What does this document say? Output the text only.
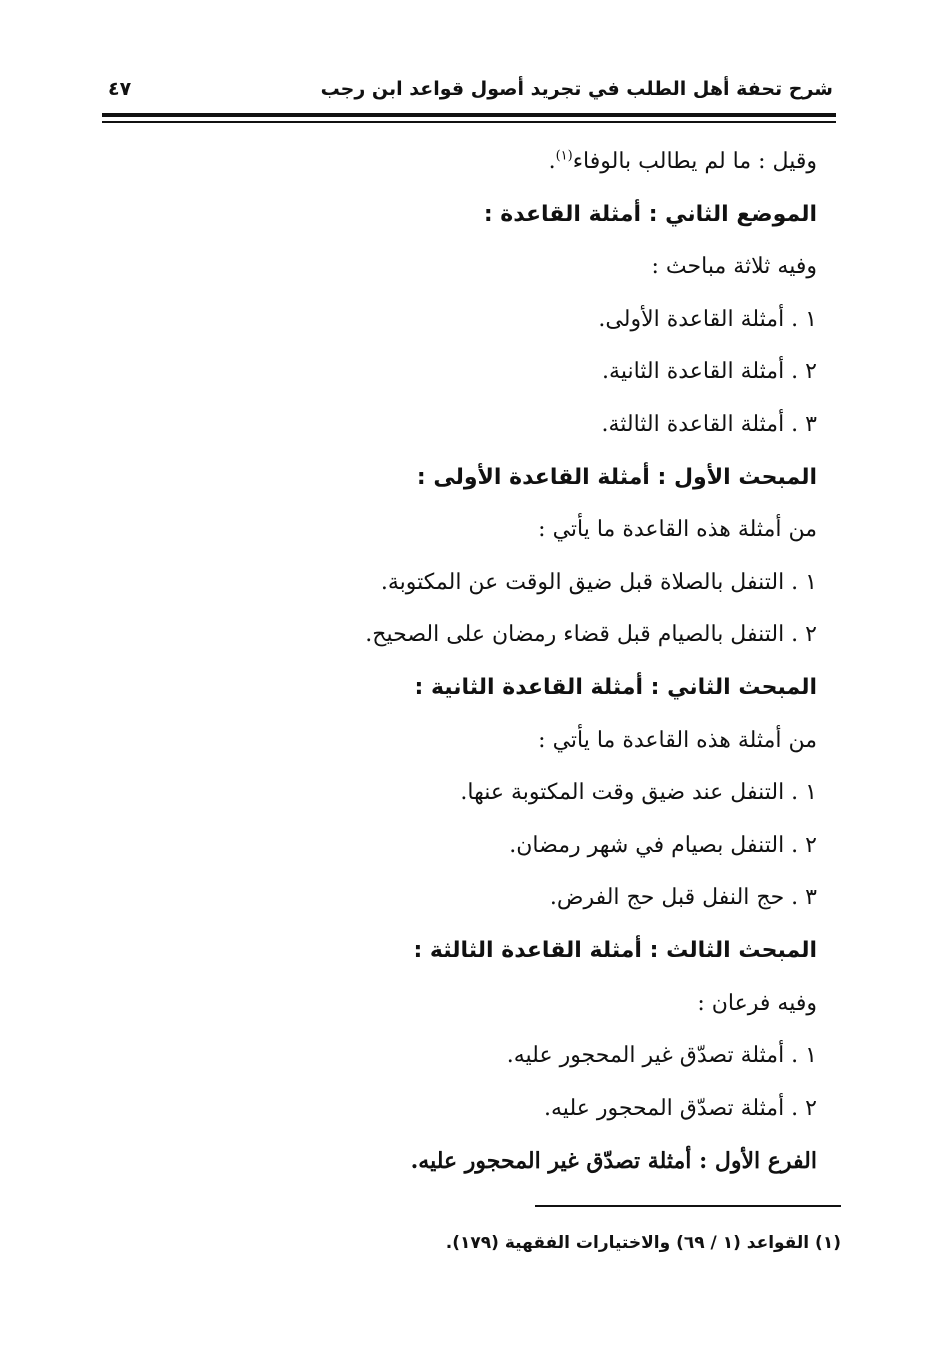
شرح تحفة أهل الطلب في تجريد أصول قواعد ابن رجب
٤٧
وقيل : ما لم يطالب بالوفاء$^{(١)}$.
الموضع الثاني : أمثلة القاعدة :
وفيه ثلاثة مباحث :
١ . أمثلة القاعدة الأولى.
٢ . أمثلة القاعدة الثانية.
٣ . أمثلة القاعدة الثالثة.
المبحث الأول : أمثلة القاعدة الأولى :
من أمثلة هذه القاعدة ما يأتي :
١ . التنفل بالصلاة قبل ضيق الوقت عن المكتوبة.
٢ . التنفل بالصيام قبل قضاء رمضان على الصحيح.
المبحث الثاني : أمثلة القاعدة الثانية :
من أمثلة هذه القاعدة ما يأتي :
١ . التنفل عند ضيق وقت المكتوبة عنها.
٢ . التنفل بصيام في شهر رمضان.
٣ . حج النفل قبل حج الفرض.
المبحث الثالث : أمثلة القاعدة الثالثة :
وفيه فرعان :
١ . أمثلة تصدّق غير المحجور عليه.
٢ . أمثلة تصدّق المحجور عليه.
الفرع الأول : أمثلة تصدّق غير المحجور عليه.
(١) القواعد (١ / ٦٩) والاختيارات الفقهية (١٧٩).
